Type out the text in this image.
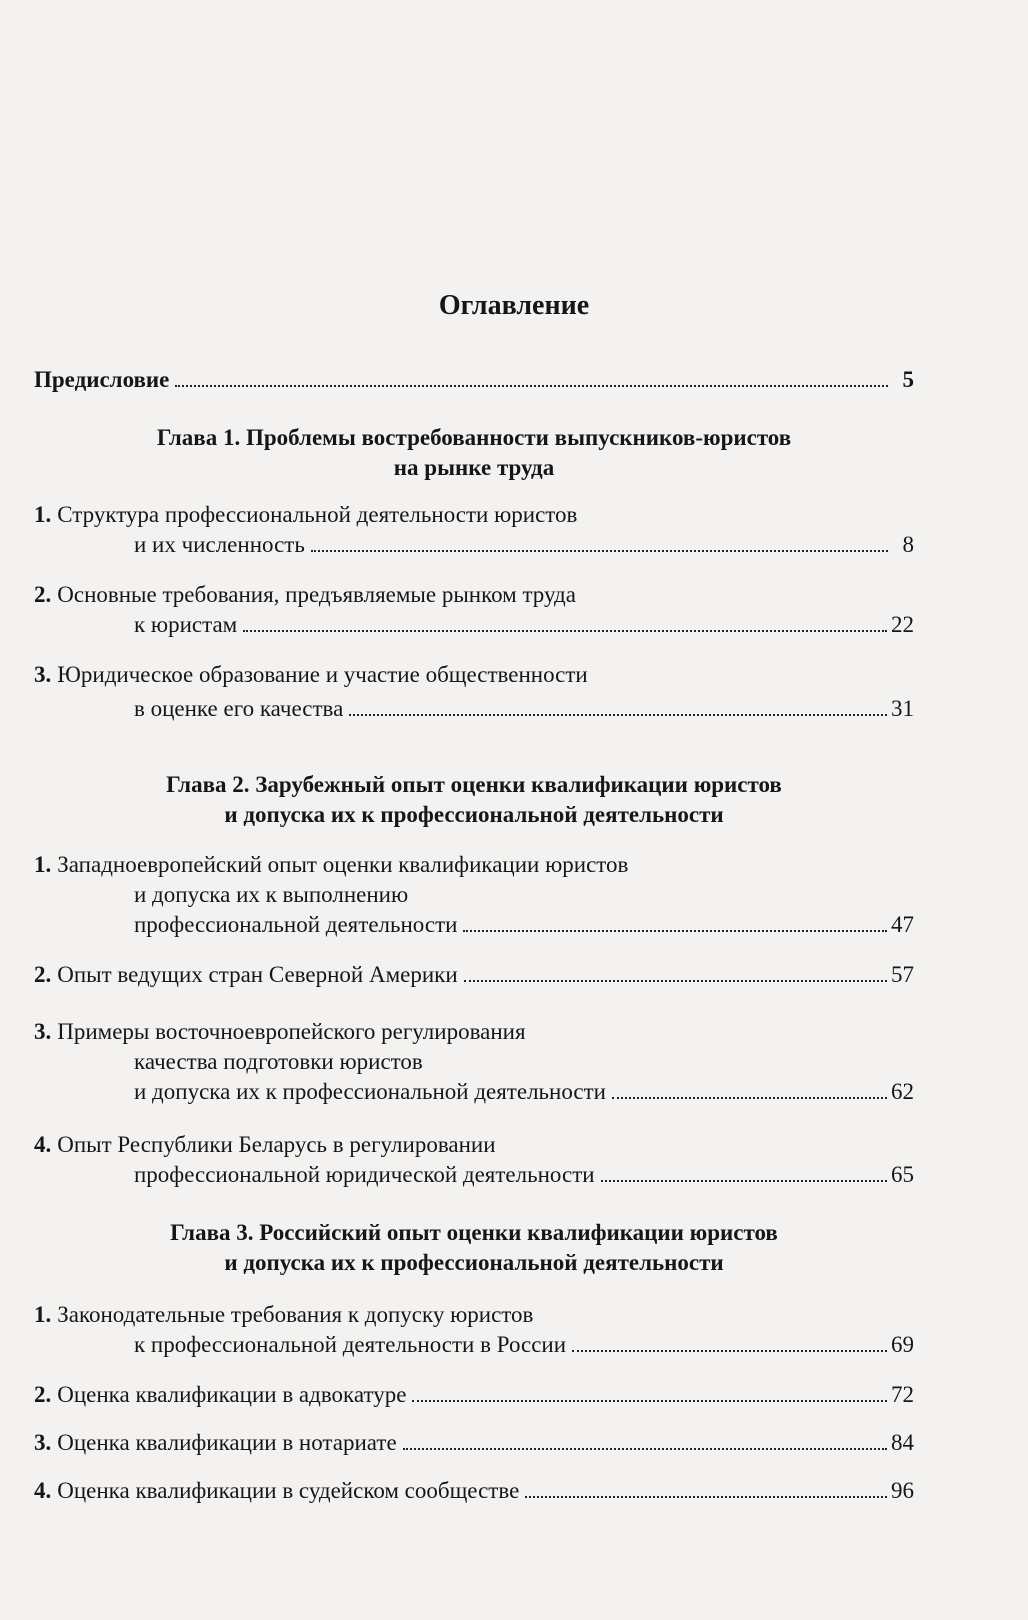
Оглавление
Предисловие	5
Глава 1. Проблемы востребованности выпускников-юристов
на рынке труда
1. Структура профессиональной деятельности юристов
и их численность	8
2. Основные требования, предъявляемые рынком труда
к юристам	22
3. Юридическое образование и участие общественности
в оценке его качества	31
Глава 2. Зарубежный опыт оценки квалификации юристов
и допуска их к профессиональной деятельности
1. Западноевропейский опыт оценки квалификации юристов
и допуска их к выполнению
профессиональной деятельности	47
2. Опыт ведущих стран Северной Америки	57
3. Примеры восточноевропейского регулирования
качества подготовки юристов
и допуска их к профессиональной деятельности	62
4. Опыт Республики Беларусь в регулировании
профессиональной юридической деятельности	65
Глава 3. Российский опыт оценки квалификации юристов
и допуска их к профессиональной деятельности
1. Законодательные требования к допуску юристов
к профессиональной деятельности в России	69
2. Оценка квалификации в адвокатуре	72
3. Оценка квалификации в нотариате	84
4. Оценка квалификации в судейском сообществе	96
